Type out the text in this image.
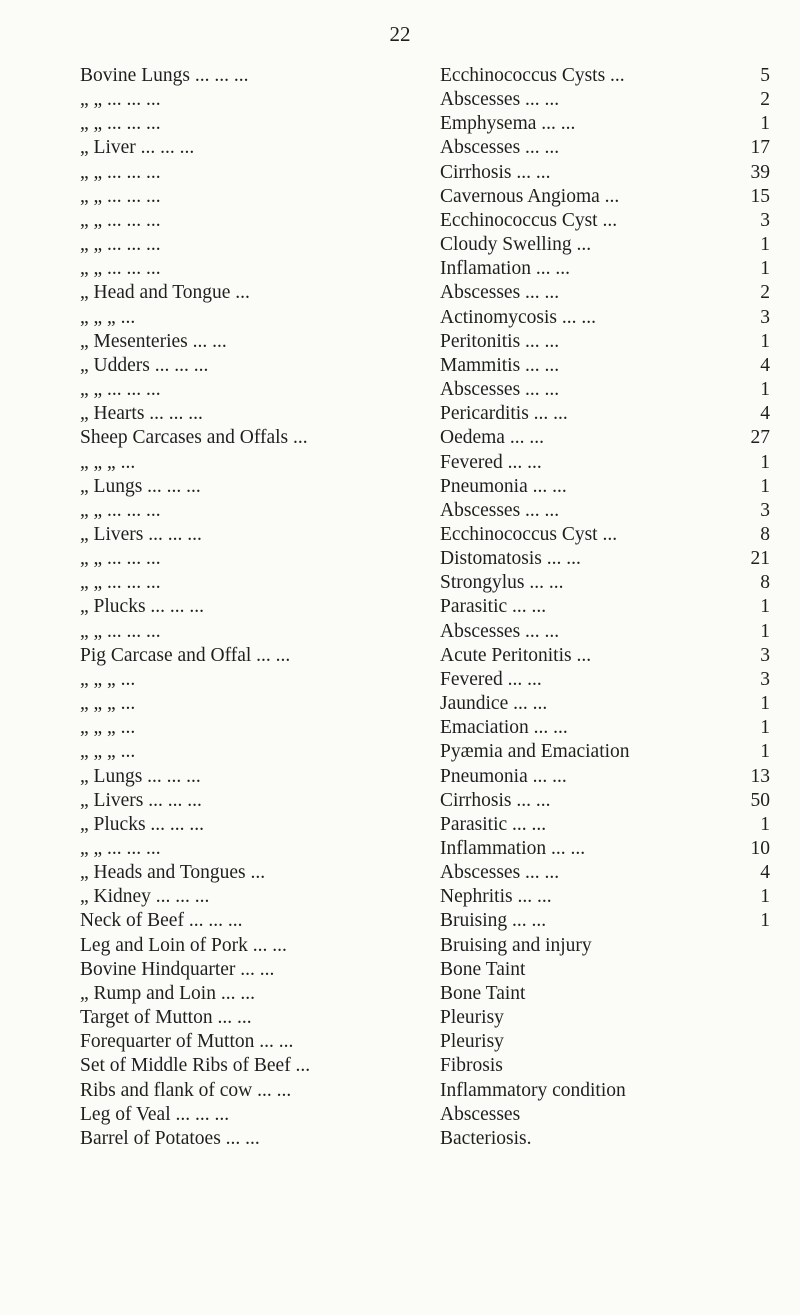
22
Bovine Lungs ... ... ...	Ecchinococcus Cysts ...	5
„ „ ... ... ...	Abscesses ... ...	2
„ „ ... ... ...	Emphysema ... ...	1
„ Liver ... ... ...	Abscesses ... ...	17
„ „ ... ... ...	Cirrhosis ... ...	39
„ „ ... ... ...	Cavernous Angioma ...	15
„ „ ... ... ...	Ecchinococcus Cyst ...	3
„ „ ... ... ...	Cloudy Swelling ...	1
„ „ ... ... ...	Inflamation ... ...	1
„ Head and Tongue ...	Abscesses ... ...	2
„ „ „ ...	Actinomycosis ... ...	3
„ Mesenteries ... ...	Peritonitis ... ...	1
„ Udders ... ... ...	Mammitis ... ...	4
„ „ ... ... ...	Abscesses ... ...	1
„ Hearts ... ... ...	Pericarditis ... ...	4
Sheep Carcases and Offals ...	Oedema ... ...	27
„ „ „ ...	Fevered ... ...	1
„ Lungs ... ... ...	Pneumonia ... ...	1
„ „ ... ... ...	Abscesses ... ...	3
„ Livers ... ... ...	Ecchinococcus Cyst ...	8
„ „ ... ... ...	Distomatosis ... ...	21
„ „ ... ... ...	Strongylus ... ...	8
„ Plucks ... ... ...	Parasitic ... ...	1
„ „ ... ... ...	Abscesses ... ...	1
Pig Carcase and Offal ... ...	Acute Peritonitis ...	3
„ „ „ ...	Fevered ... ...	3
„ „ „ ...	Jaundice ... ...	1
„ „ „ ...	Emaciation ... ...	1
„ „ „ ...	Pyæmia and Emaciation	1
„ Lungs ... ... ...	Pneumonia ... ...	13
„ Livers ... ... ...	Cirrhosis ... ...	50
„ Plucks ... ... ...	Parasitic ... ...	1
„ „ ... ... ...	Inflammation ... ...	10
„ Heads and Tongues ...	Abscesses ... ...	4
„ Kidney ... ... ...	Nephritis ... ...	1
Neck of Beef ... ... ...	Bruising ... ...	1
Leg and Loin of Pork ... ...	Bruising and injury
Bovine Hindquarter ... ...	Bone Taint
„ Rump and Loin ... ...	Bone Taint
Target of Mutton ... ...	Pleurisy
Forequarter of Mutton ... ...	Pleurisy
Set of Middle Ribs of Beef ...	Fibrosis
Ribs and flank of cow ... ...	Inflammatory condition
Leg of Veal ... ... ...	Abscesses
Barrel of Potatoes ... ...	Bacteriosis.
